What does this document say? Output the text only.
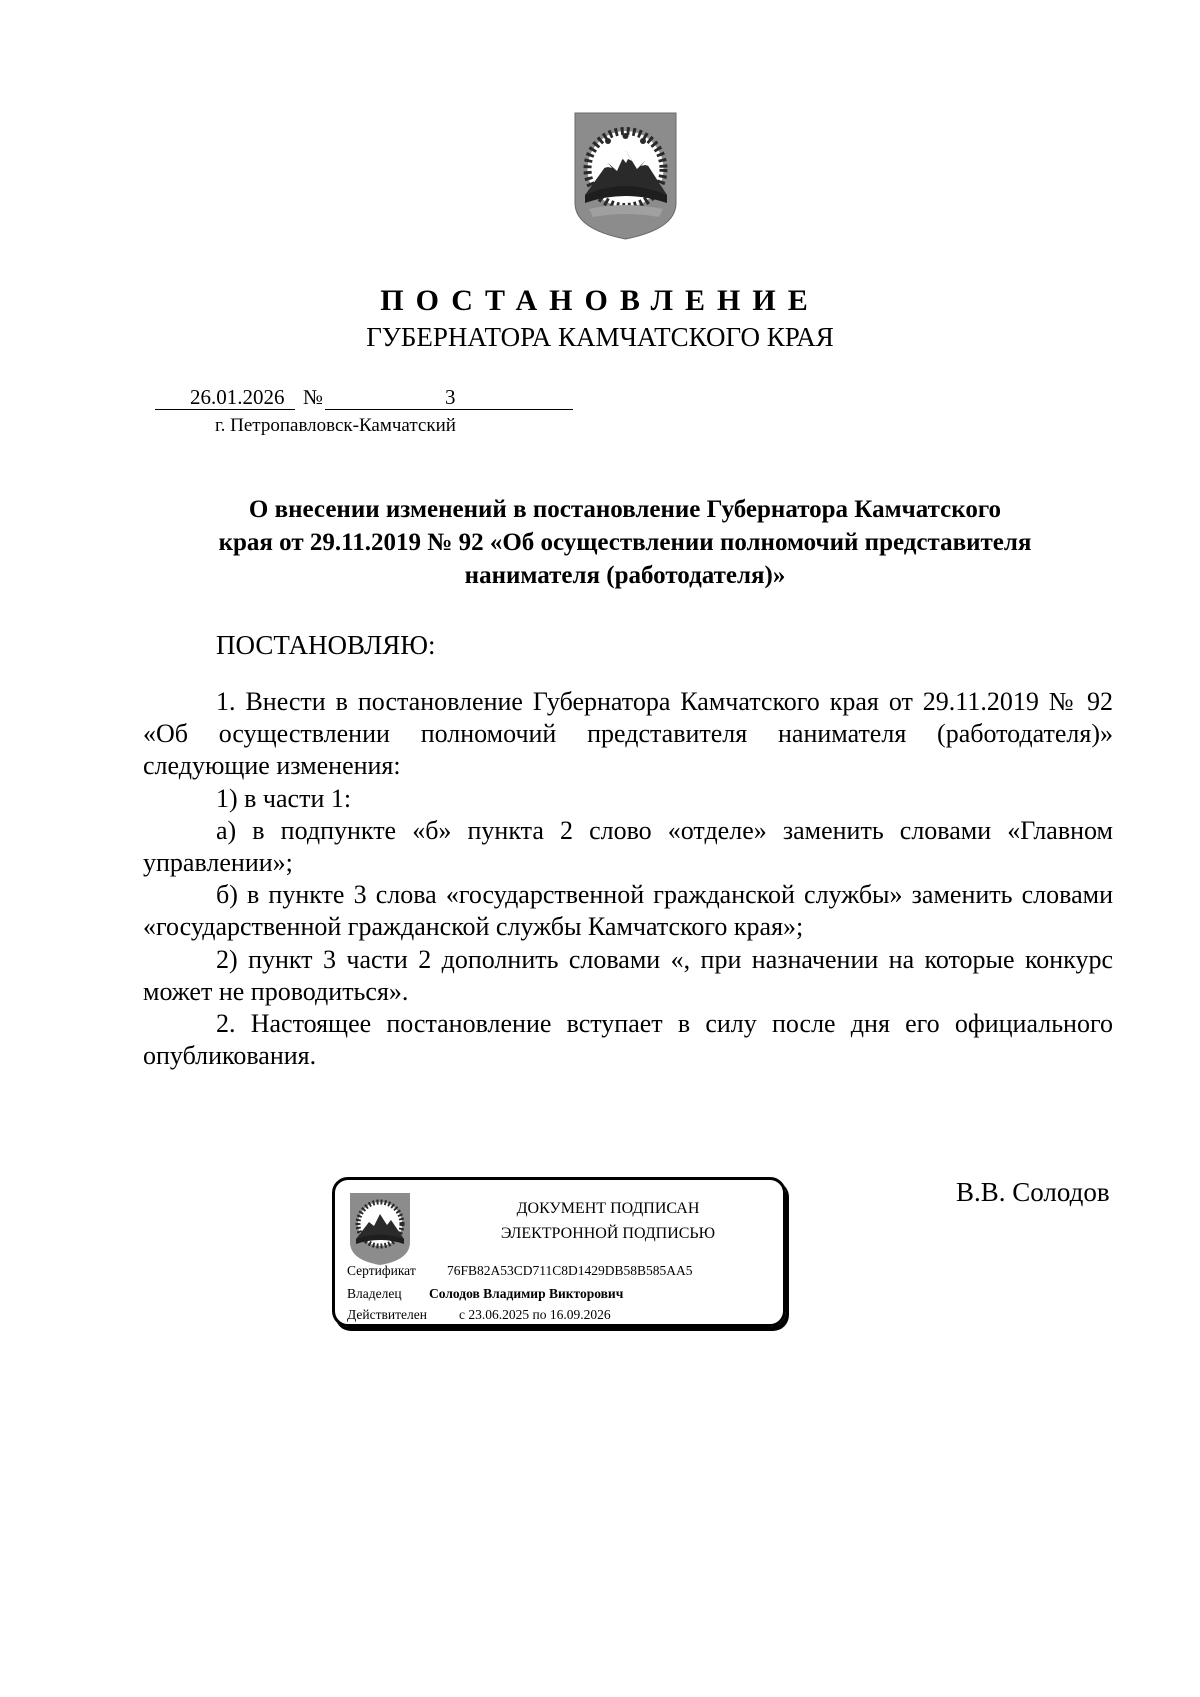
ПОСТАНОВЛЕНИЕ
ГУБЕРНАТОРА КАМЧАТСКОГО КРАЯ
26.01.2026 №	3
г. Петропавловск-Камчатский
О внесении изменений в постановление Губернатора Камчатского
края от 29.11.2019 № 92 «Об осуществлении полномочий представителя
нанимателя (работодателя)»
ПОСТАНОВЛЯЮ:

1. Внести в постановление Губернатора Камчатского края от 29.11.2019 № 92 «Об осуществлении полномочий представителя нанимателя (работодателя)» следующие изменения:

1) в части 1:

а) в подпункте «б» пункта 2 слово «отделе» заменить словами «Главном управлении»;

б) в пункте 3 слова «государственной гражданской службы» заменить словами «государственной гражданской службы Камчатского края»;

2) пункт 3 части 2 дополнить словами «, при назначении на которые конкурс может не проводиться».

2. Настоящее постановление вступает в силу после дня его официального опубликования.

ДОКУМЕНТ ПОДПИСАН
ЭЛЕКТРОННОЙ ПОДПИСЬЮ
Сертификат 76FB82A53CD711C8D1429DB58B585AA5
Владелец Солодов Владимир Викторович
Действителен с 23.06.2025 по 16.09.2026
В.В. Солодов
